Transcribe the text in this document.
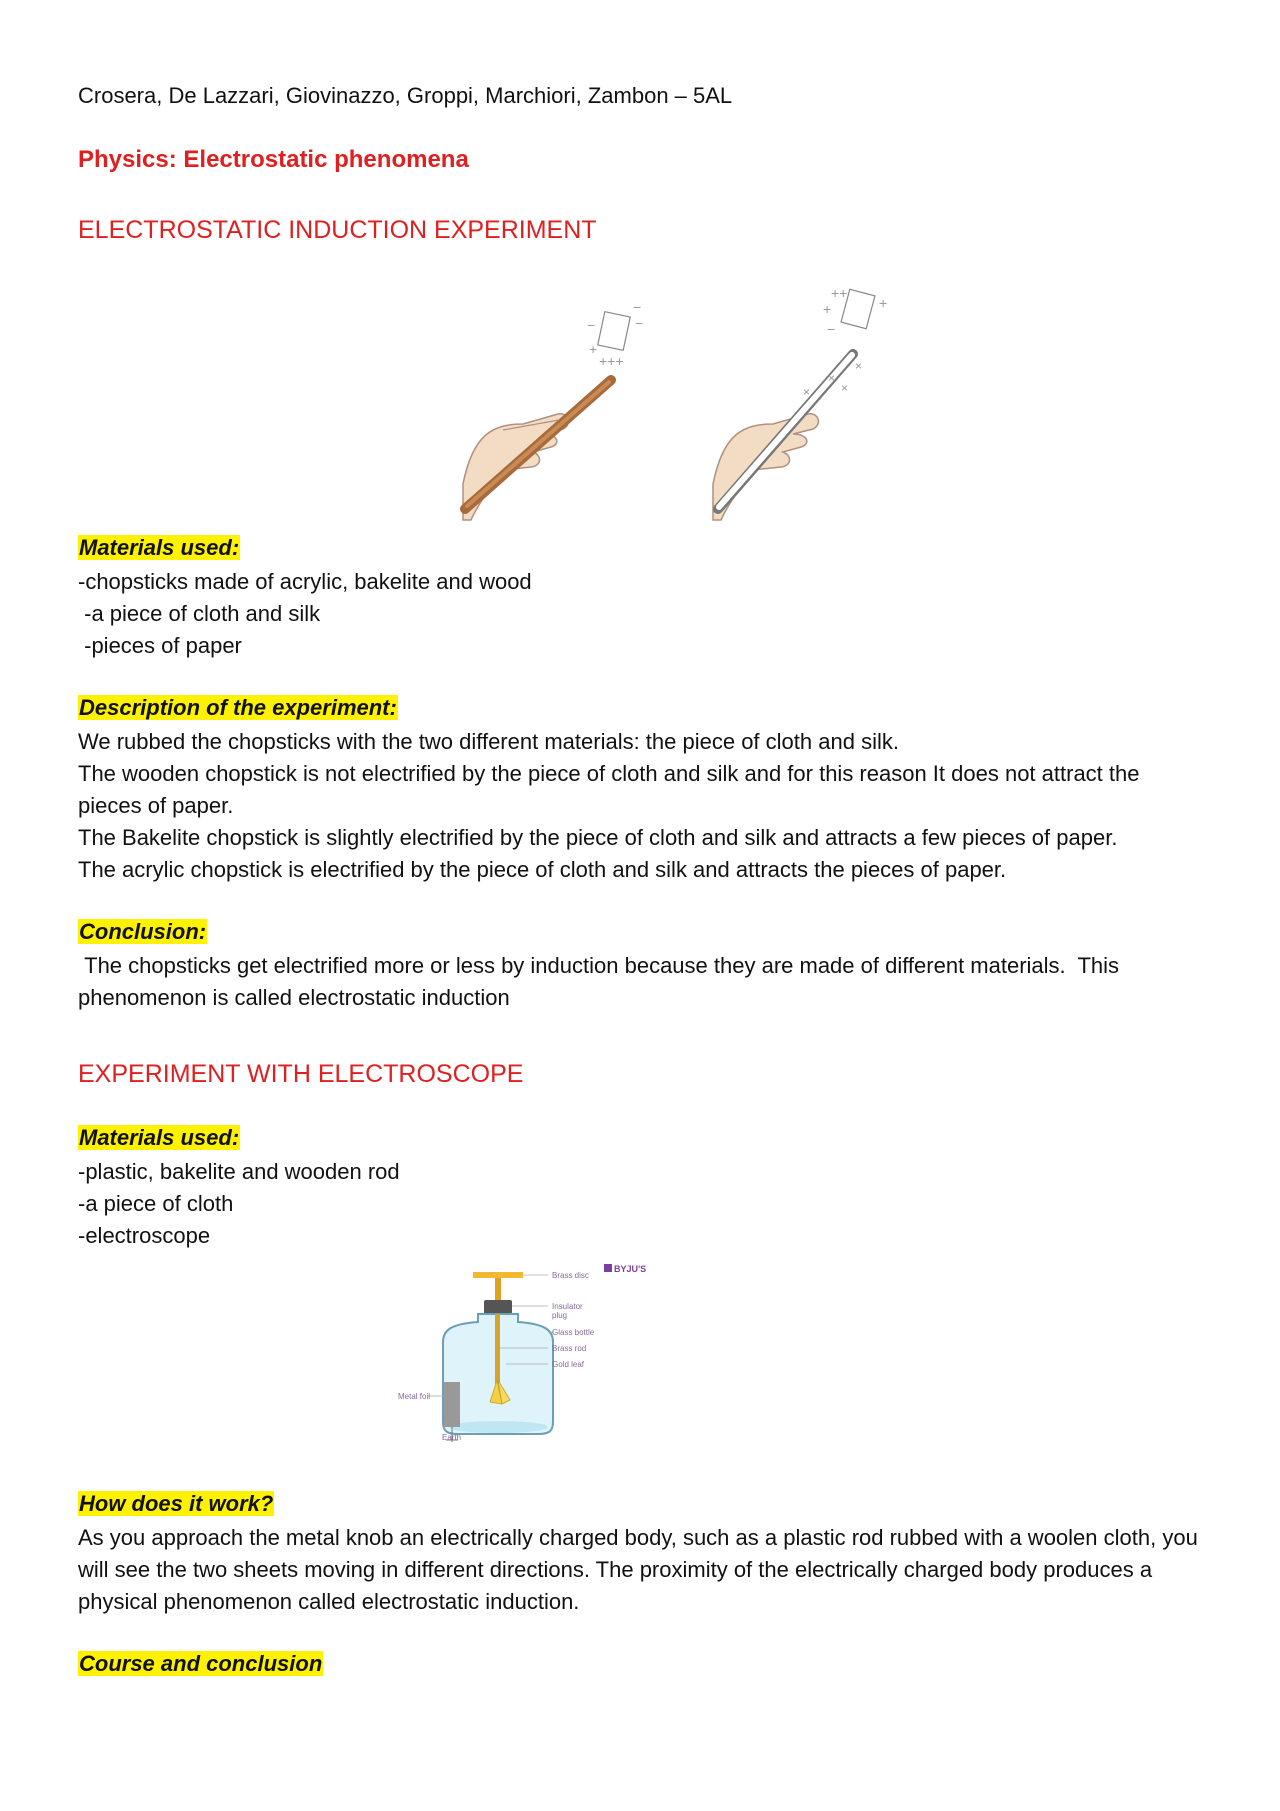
Crosera, De Lazzari, Giovinazzo, Groppi, Marchiori, Zambon – 5AL

Physics: Electrostatic phenomena
ELECTROSTATIC INDUCTION EXPERIMENT
+
+++
−
−
−
+
++
+
−
×
×
×
×
Materials used:

-chopsticks made of acrylic, bakelite and wood

-a piece of cloth and silk

-pieces of paper

Description of the experiment:

We rubbed the chopsticks with the two different materials: the piece of cloth and silk.

The wooden chopstick is not electrified by the piece of cloth and silk and for this reason It does not attract the pieces of paper.

The Bakelite chopstick is slightly electrified by the piece of cloth and silk and attracts a few pieces of paper.

The acrylic chopstick is electrified by the piece of cloth and silk and attracts the pieces of paper.

Conclusion:

The chopsticks get electrified more or less by induction because they are made of different materials.  This phenomenon is called electrostatic induction

EXPERIMENT WITH ELECTROSCOPE
Materials used:

-plastic, bakelite and wooden rod

-a piece of cloth

-electroscope

Brass disc
Insulator
plug
Glass bottle
Brass rod
Gold leaf
Metal foil
Earth
BYJU'S
How does it work?

As you approach the metal knob an electrically charged body, such as a plastic rod rubbed with a woolen cloth, you will see the two sheets moving in different directions. The proximity of the electrically charged body produces a physical phenomenon called electrostatic induction.

Course and conclusion
